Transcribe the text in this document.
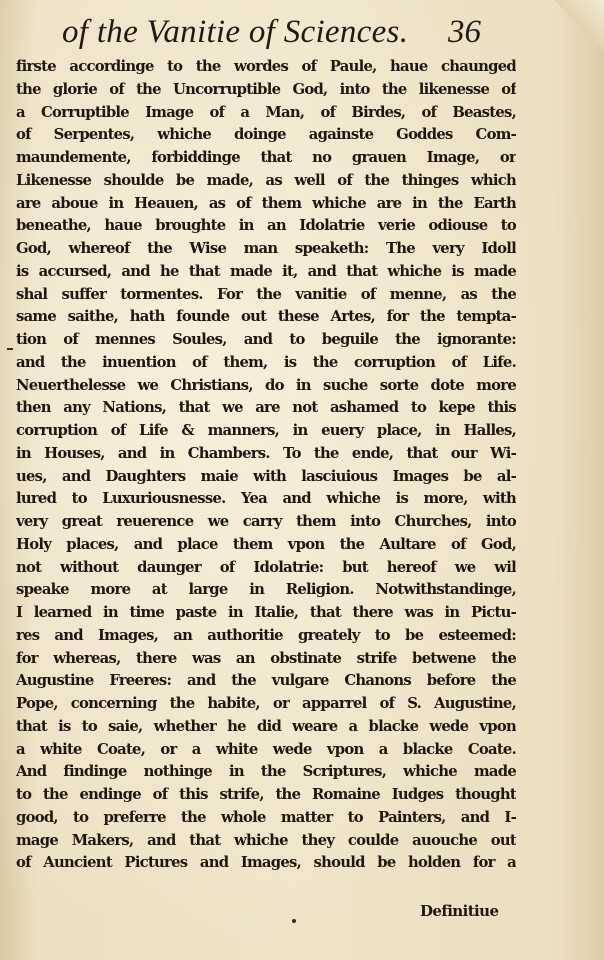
of the Vanitie of Sciences. 36
firste accordinge to the wordes of Paule, haue chaunged
the glorie of the Uncorruptible God, into the likenesse of
a Corruptible Image of a Man, of Birdes, of Beastes,
of Serpentes, whiche doinge againste Goddes Com-
maundemente, forbiddinge that no grauen Image, or
Likenesse shoulde be made, as well of the thinges which
are aboue in Heauen, as of them whiche are in the Earth
beneathe, haue broughte in an Idolatrie verie odiouse to
God, whereof the Wise man speaketh: The very Idoll
is accursed, and he that made it, and that whiche is made
shal suffer tormentes. For the vanitie of menne, as the
same saithe, hath founde out these Artes, for the tempta-
tion of mennes Soules, and to beguile the ignorante:
and the inuention of them, is the corruption of Life.
Neuerthelesse we Christians, do in suche sorte dote more
then any Nations, that we are not ashamed to kepe this
corruption of Life & manners, in euery place, in Halles,
in Houses, and in Chambers. To the ende, that our Wi-
ues, and Daughters maie with lasciuious Images be al-
lured to Luxuriousnesse. Yea and whiche is more, with
very great reuerence we carry them into Churches, into
Holy places, and place them vpon the Aultare of God,
not without daunger of Idolatrie: but hereof we wil
speake more at large in Religion. Notwithstandinge,
I learned in time paste in Italie, that there was in Pictu-
res and Images, an authoritie greately to be esteemed:
for whereas, there was an obstinate strife betwene the
Augustine Freeres: and the vulgare Chanons before the
Pope, concerning the habite, or apparrel of S. Augustine,
that is to saie, whether he did weare a blacke wede vpon
a white Coate, or a white wede vpon a blacke Coate.
And findinge nothinge in the Scriptures, whiche made
to the endinge of this strife, the Romaine Iudges thought
good, to preferre the whole matter to Painters, and I-
mage Makers, and that whiche they coulde auouche out
of Auncient Pictures and Images, should be holden for a
Definitiue
